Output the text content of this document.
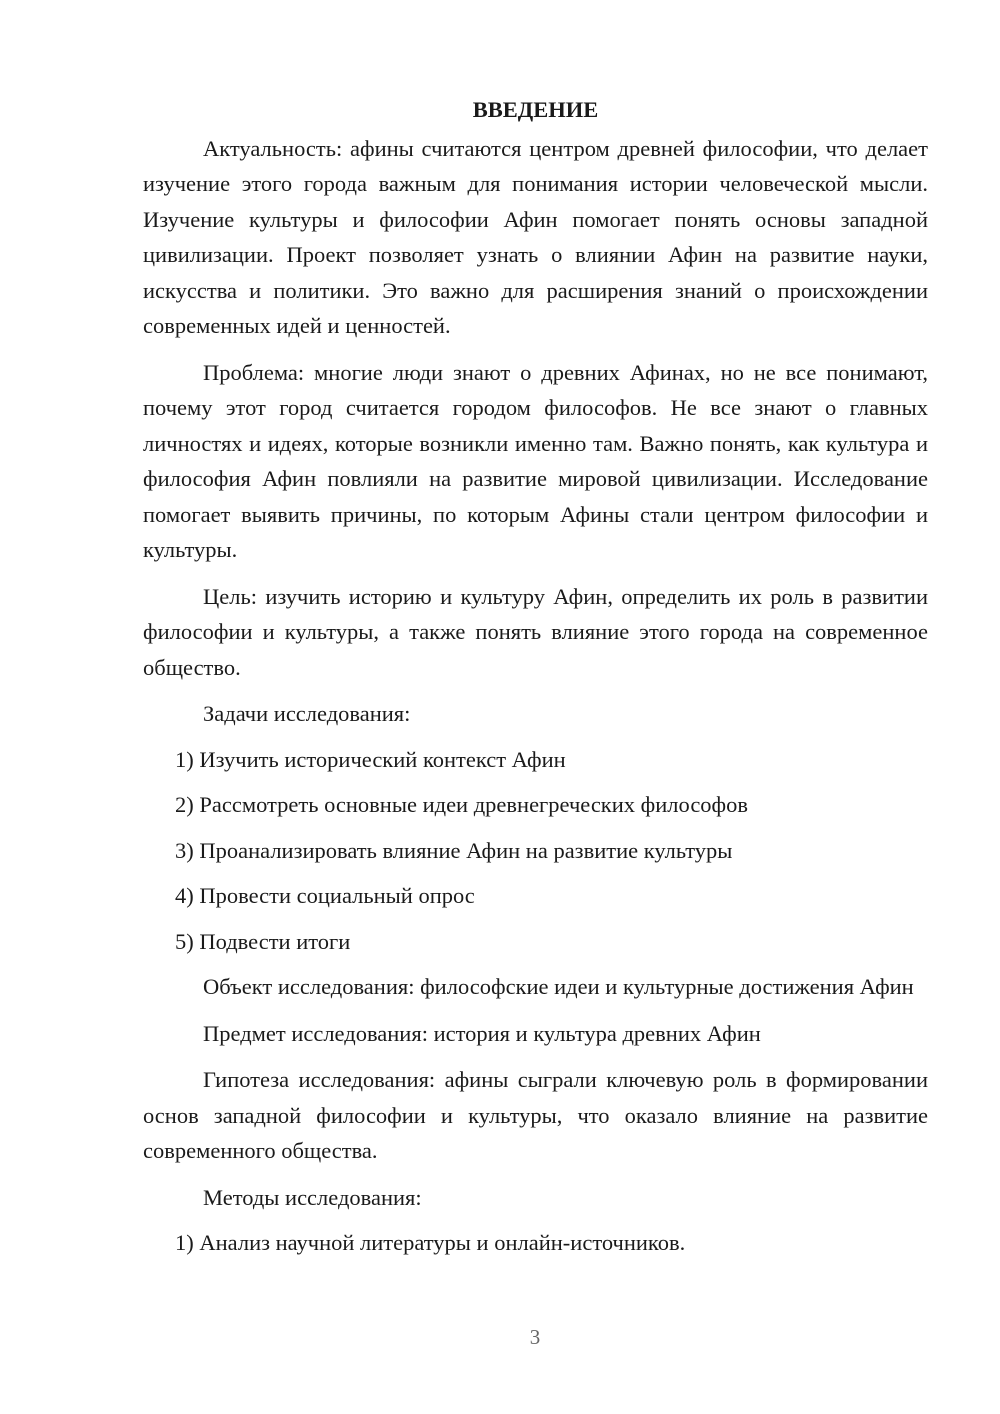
ВВЕДЕНИЕ

Актуальность: афины считаются центром древней философии, что делает изучение этого города важным для понимания истории человеческой мысли. Изучение культуры и философии Афин помогает понять основы западной цивилизации. Проект позволяет узнать о влиянии Афин на развитие науки, искусства и политики. Это важно для расширения знаний о происхождении современных идей и ценностей.

Проблема: многие люди знают о древних Афинах, но не все понимают, почему этот город считается городом философов. Не все знают о главных личностях и идеях, которые возникли именно там. Важно понять, как культура и философия Афин повлияли на развитие мировой цивилизации. Исследование помогает выявить причины, по которым Афины стали центром философии и культуры.

Цель: изучить историю и культуру Афин, определить их роль в развитии философии и культуры, а также понять влияние этого города на современное общество.

Задачи исследования:

1) Изучить исторический контекст Афин
2) Рассмотреть основные идеи древнегреческих философов
3) Проанализировать влияние Афин на развитие культуры
4) Провести социальный опрос
5) Подвести итоги

Объект исследования: философские идеи и культурные достижения Афин

Предмет исследования: история и культура древних Афин

Гипотеза исследования: афины сыграли ключевую роль в формировании основ западной философии и культуры, что оказало влияние на развитие современного общества.

Методы исследования:

1) Анализ научной литературы и онлайн-источников.
3
